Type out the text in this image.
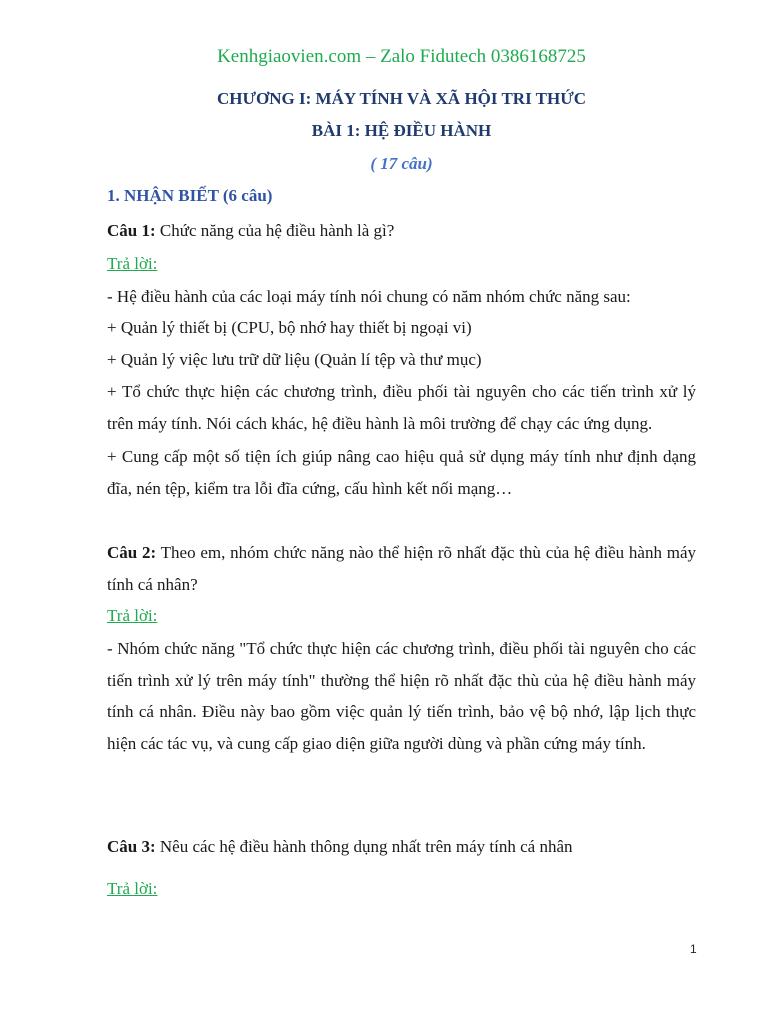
Kenhgiaovien.com – Zalo Fidutech 0386168725
CHƯƠNG I: MÁY TÍNH VÀ XÃ HỘI TRI THỨC
BÀI 1: HỆ ĐIỀU HÀNH
( 17 câu)
1. NHẬN BIẾT (6 câu)
Câu 1: Chức năng của hệ điều hành là gì?
Trả lời:
- Hệ điều hành của các loại máy tính nói chung có năm nhóm chức năng sau:
+ Quản lý thiết bị (CPU, bộ nhớ hay thiết bị ngoại vi)
+ Quản lý việc lưu trữ dữ liệu (Quản lí tệp và thư mục)
+ Tổ chức thực hiện các chương trình, điều phối tài nguyên cho các tiến trình xử lý trên máy tính. Nói cách khác, hệ điều hành là môi trường để chạy các ứng dụng.
+ Cung cấp một số tiện ích giúp nâng cao hiệu quả sử dụng máy tính như định dạng đĩa, nén tệp, kiểm tra lỗi đĩa cứng, cấu hình kết nối mạng…
Câu 2: Theo em, nhóm chức năng nào thể hiện rõ nhất đặc thù của hệ điều hành máy tính cá nhân?
Trả lời:
- Nhóm chức năng "Tổ chức thực hiện các chương trình, điều phối tài nguyên cho các tiến trình xử lý trên máy tính" thường thể hiện rõ nhất đặc thù của hệ điều hành máy tính cá nhân. Điều này bao gồm việc quản lý tiến trình, bảo vệ bộ nhớ, lập lịch thực hiện các tác vụ, và cung cấp giao diện giữa người dùng và phần cứng máy tính.
Câu 3: Nêu các hệ điều hành thông dụng nhất trên máy tính cá nhân
Trả lời:
1
